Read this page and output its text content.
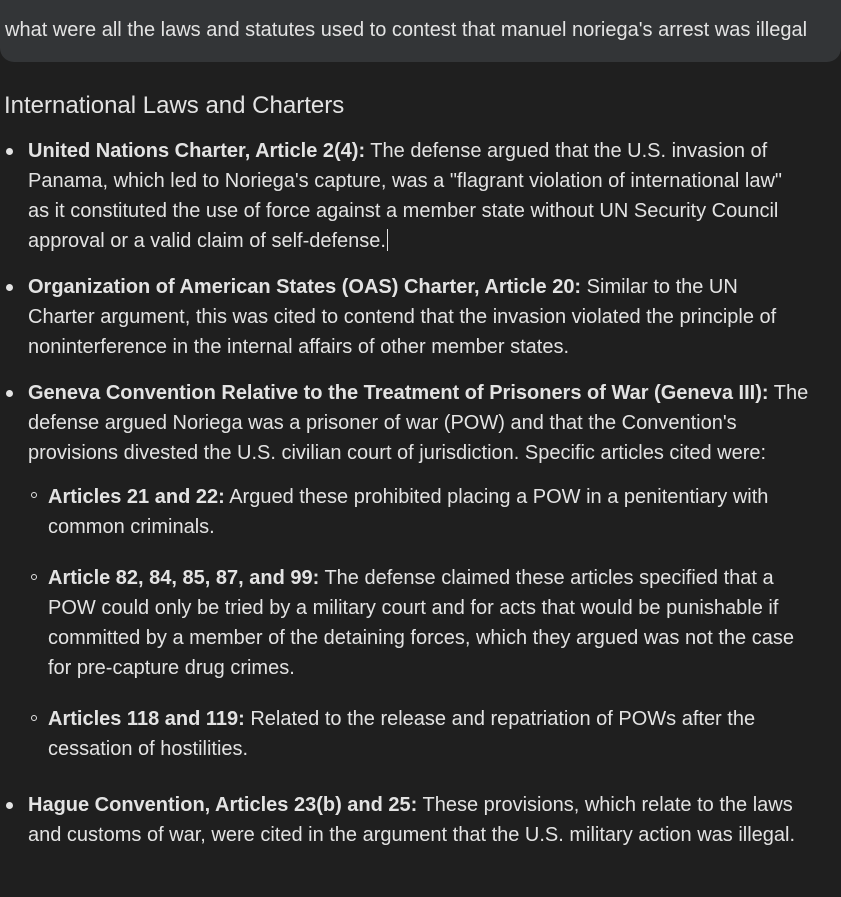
what were all the laws and statutes used to contest that manuel noriega's arrest was illegal
International Laws and Charters
United Nations Charter, Article 2(4): The defense argued that the U.S. invasion of Panama, which led to Noriega's capture, was a "flagrant violation of international law" as it constituted the use of force against a member state without UN Security Council approval or a valid claim of self-defense.
Organization of American States (OAS) Charter, Article 20: Similar to the UN Charter argument, this was cited to contend that the invasion violated the principle of noninterference in the internal affairs of other member states.
Geneva Convention Relative to the Treatment of Prisoners of War (Geneva III): The defense argued Noriega was a prisoner of war (POW) and that the Convention's provisions divested the U.S. civilian court of jurisdiction. Specific articles cited were:
Articles 21 and 22: Argued these prohibited placing a POW in a penitentiary with common criminals.
Article 82, 84, 85, 87, and 99: The defense claimed these articles specified that a POW could only be tried by a military court and for acts that would be punishable if committed by a member of the detaining forces, which they argued was not the case for pre-capture drug crimes.
Articles 118 and 119: Related to the release and repatriation of POWs after the cessation of hostilities.
Hague Convention, Articles 23(b) and 25: These provisions, which relate to the laws and customs of war, were cited in the argument that the U.S. military action was illegal.
